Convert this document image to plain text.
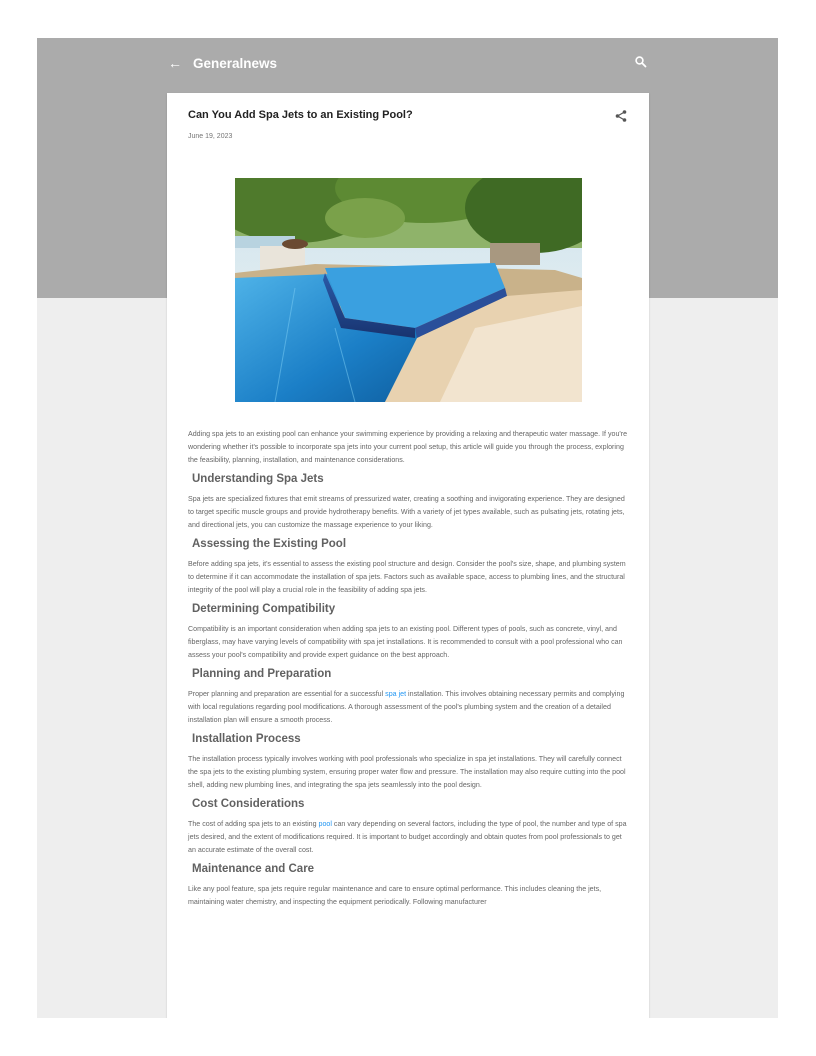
← Generalnews
Can You Add Spa Jets to an Existing Pool?
June 19, 2023

Adding spa jets to an existing pool can enhance your swimming experience by providing a relaxing and therapeutic water massage. If you're wondering whether it's possible to incorporate spa jets into your current pool setup, this article will guide you through the process, exploring the feasibility, planning, installation, and maintenance considerations.

Understanding Spa Jets

Spa jets are specialized fixtures that emit streams of pressurized water, creating a soothing and invigorating experience. They are designed to target specific muscle groups and provide hydrotherapy benefits. With a variety of jet types available, such as pulsating jets, rotating jets, and directional jets, you can customize the massage experience to your liking.

Assessing the Existing Pool

Before adding spa jets, it's essential to assess the existing pool structure and design. Consider the pool's size, shape, and plumbing system to determine if it can accommodate the installation of spa jets. Factors such as available space, access to plumbing lines, and the structural integrity of the pool will play a crucial role in the feasibility of adding spa jets.

Determining Compatibility

Compatibility is an important consideration when adding spa jets to an existing pool. Different types of pools, such as concrete, vinyl, and fiberglass, may have varying levels of compatibility with spa jet installations. It is recommended to consult with a pool professional who can assess your pool's compatibility and provide expert guidance on the best approach.

Planning and Preparation

Proper planning and preparation are essential for a successful spa jet installation. This involves obtaining necessary permits and complying with local regulations regarding pool modifications. A thorough assessment of the pool's plumbing system and the creation of a detailed installation plan will ensure a smooth process.

Installation Process

The installation process typically involves working with pool professionals who specialize in spa jet installations. They will carefully connect the spa jets to the existing plumbing system, ensuring proper water flow and pressure. The installation may also require cutting into the pool shell, adding new plumbing lines, and integrating the spa jets seamlessly into the pool design.

Cost Considerations

The cost of adding spa jets to an existing pool can vary depending on several factors, including the type of pool, the number and type of spa jets desired, and the extent of modifications required. It is important to budget accordingly and obtain quotes from pool professionals to get an accurate estimate of the overall cost.

Maintenance and Care

Like any pool feature, spa jets require regular maintenance and care to ensure optimal performance. This includes cleaning the jets, maintaining water chemistry, and inspecting the equipment periodically. Following manufacturer
